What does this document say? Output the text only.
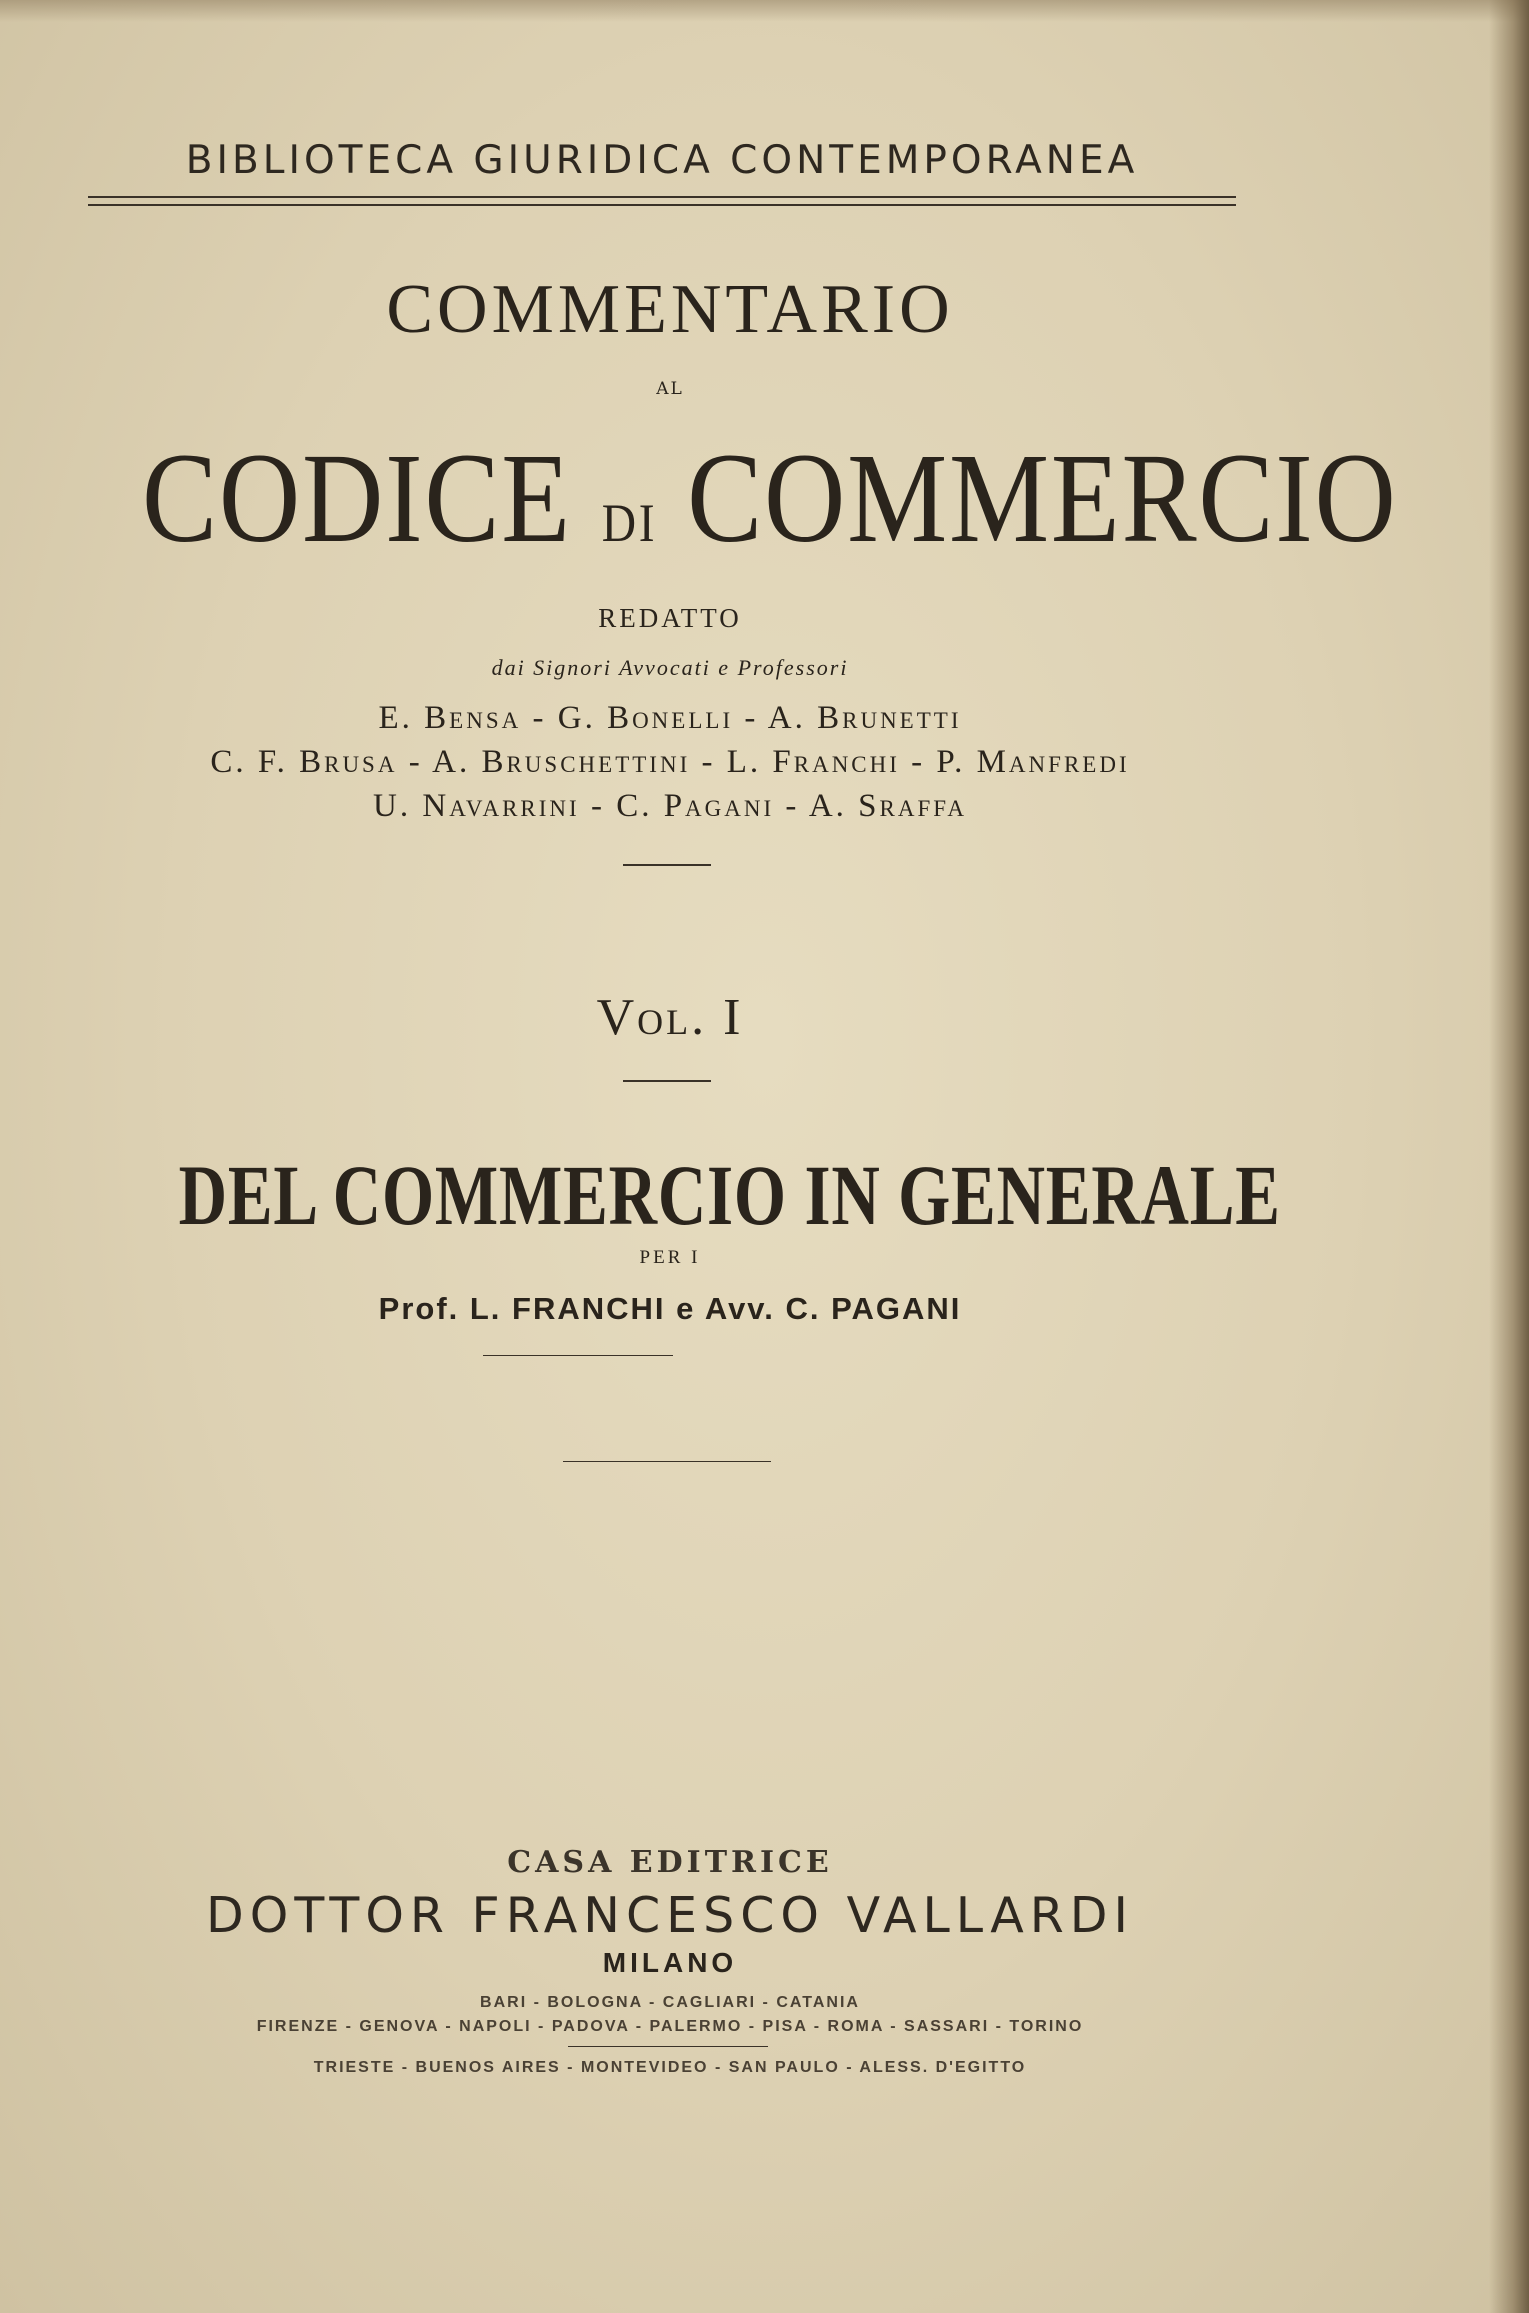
BIBLIOTECA GIURIDICA CONTEMPORANEA
COMMENTARIO
AL
CODICE DI COMMERCIO
REDATTO
dai Signori Avvocati e Professori
E. Bensa - G. Bonelli - A. Brunetti
C. F. Brusa - A. Bruschettini - L. Franchi - P. Manfredi
U. Navarrini - C. Pagani - A. Sraffa
Vol. I
DEL COMMERCIO IN GENERALE
PER I
Prof. L. FRANCHI e Avv. C. PAGANI
CASA EDITRICE
DOTTOR FRANCESCO VALLARDI
MILANO
BARI - BOLOGNA - CAGLIARI - CATANIA
FIRENZE - GENOVA - NAPOLI - PADOVA - PALERMO - PISA - ROMA - SASSARI - TORINO
TRIESTE - BUENOS AIRES - MONTEVIDEO - SAN PAULO - ALESS. D'EGITTO
